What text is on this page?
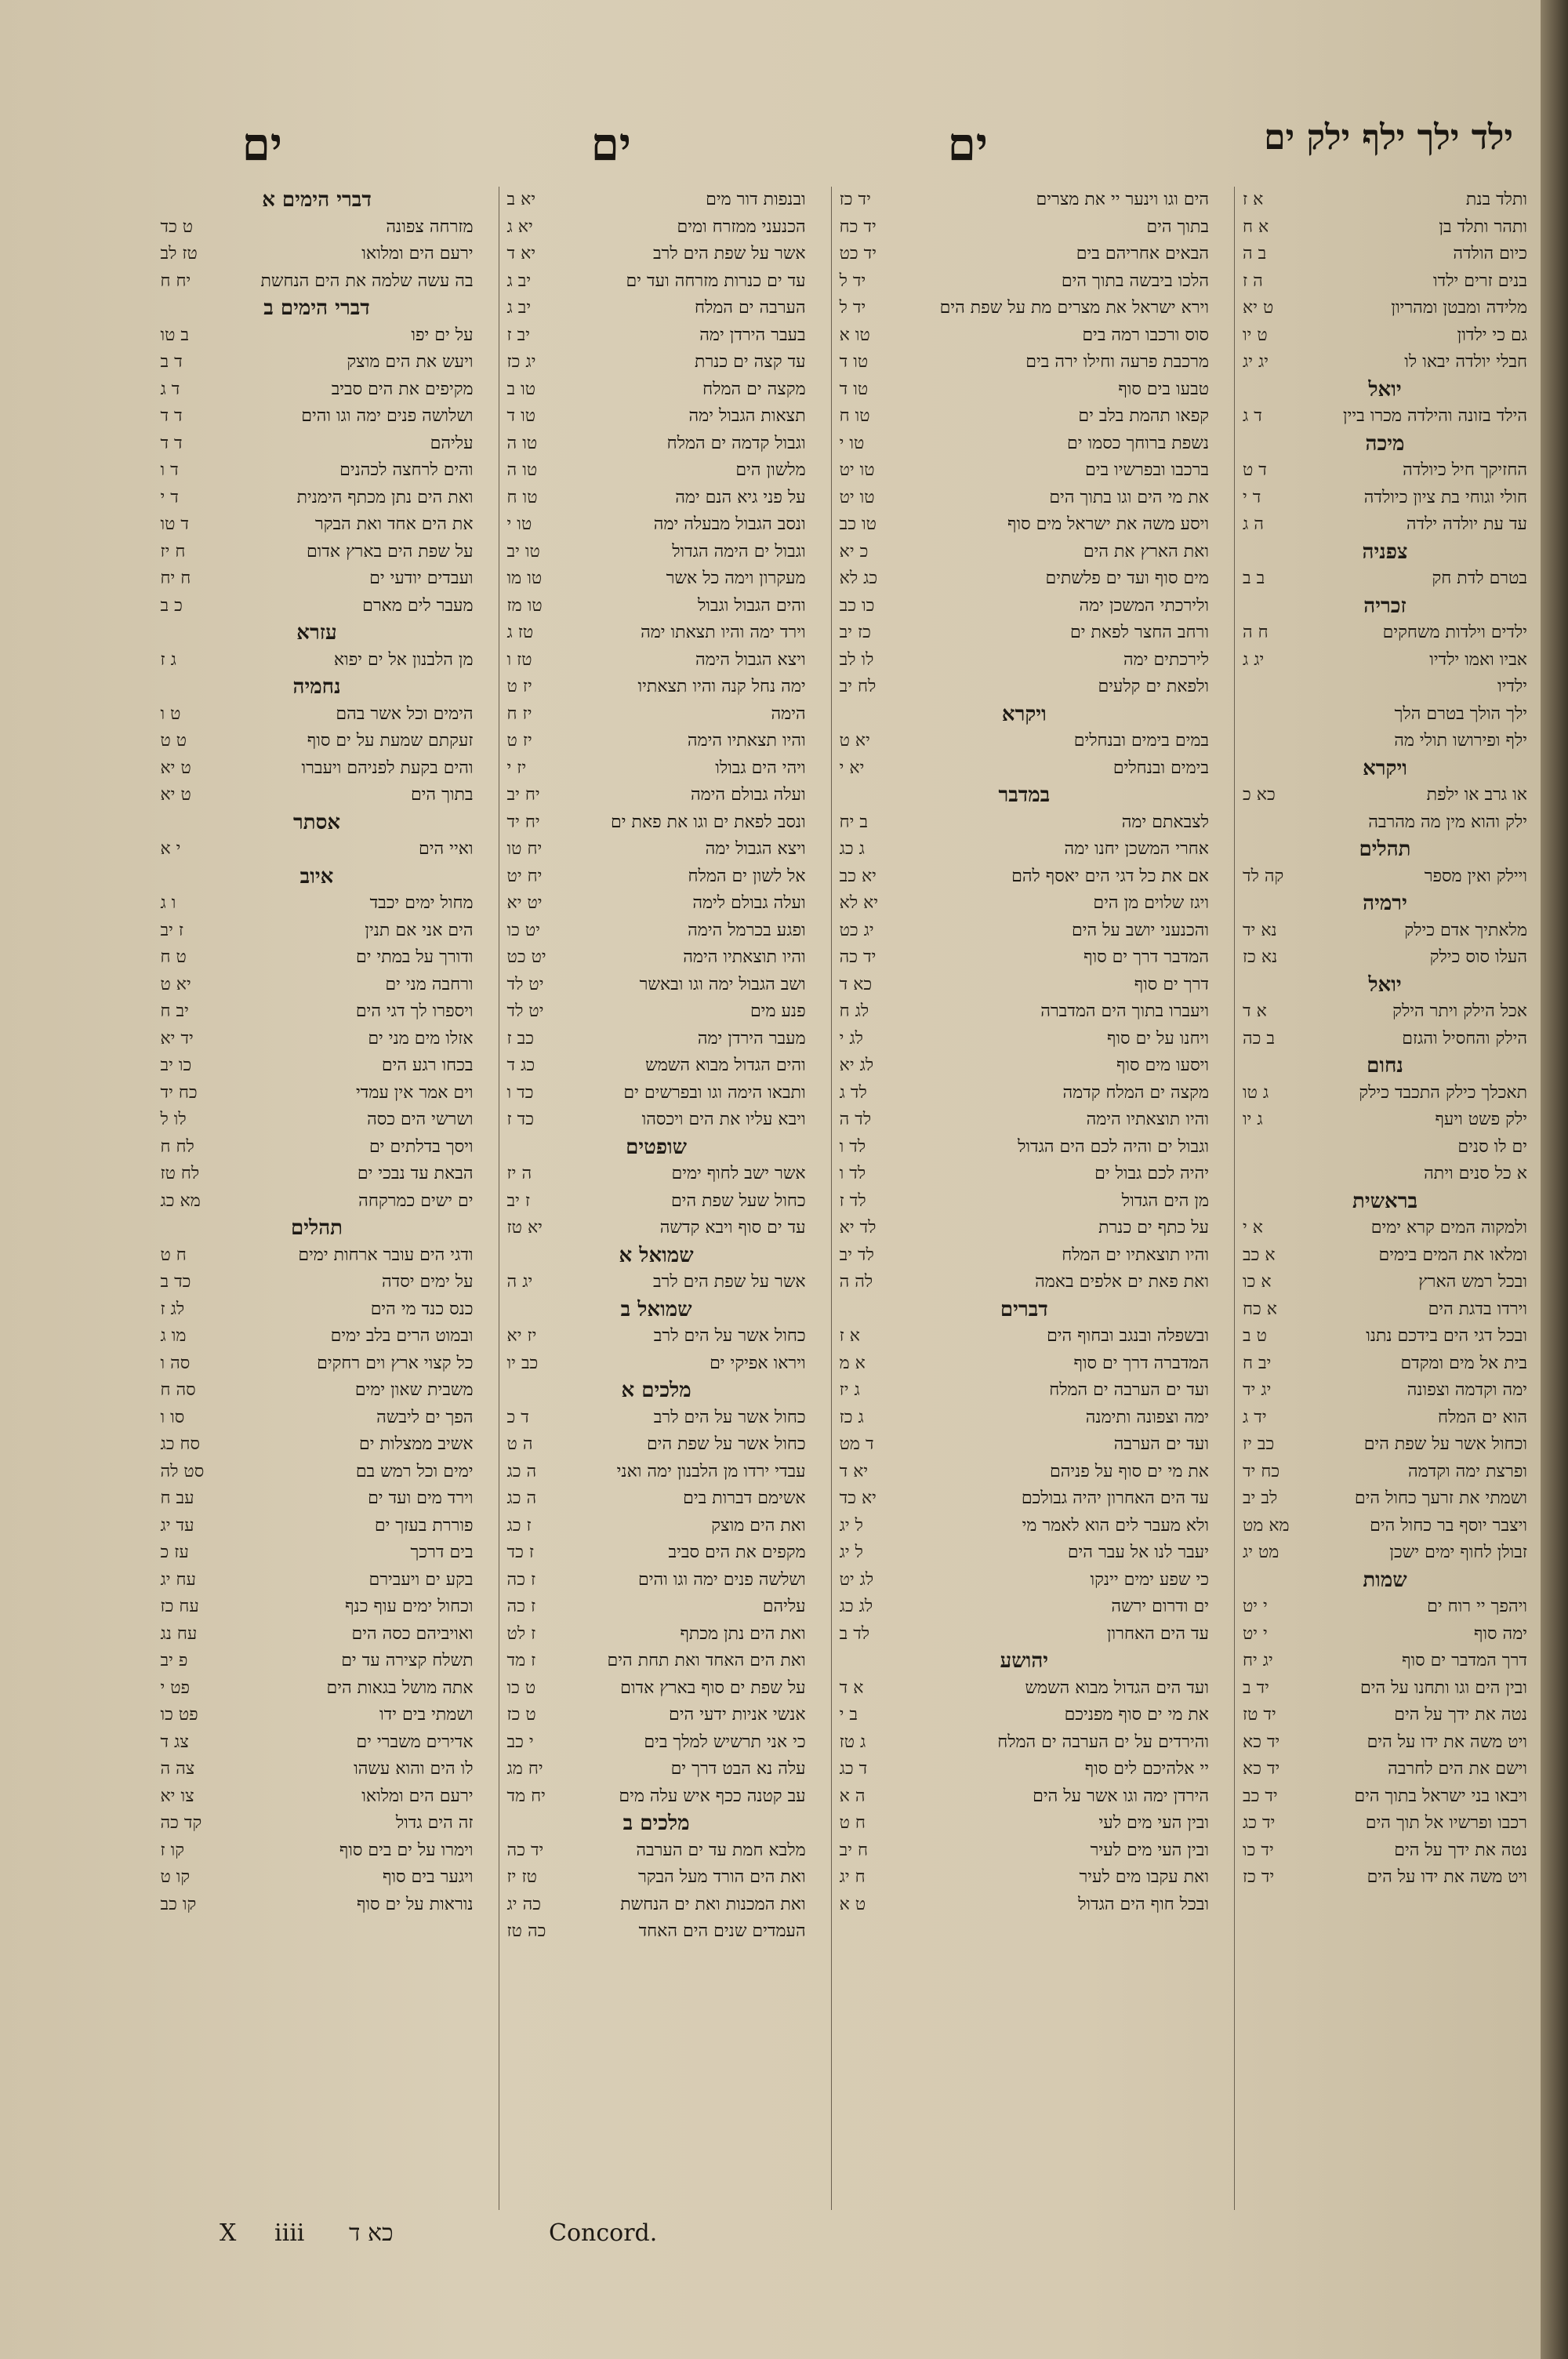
ילד ילך ילף ילק ים
ים
ים
ים
ותלד בנת
א ז
ותהר ותלד בן
א ח
כיום הולדה
ב ה
בנים זרים ילדו
ה ז
מלידה ומבטן ומהריון
ט יא
גם כי ילדון
ט יו
חבלי יולדה יבאו לו
יג יג
יואל
הילד בזונה והילדה מכרו ביין
ד ג
מיכה
החזיקך חיל כיולדה
ד ט
חולי וגוחי בת ציון כיולדה
ד י
עד עת יולדה ילדה
ה ג
צפניה
בטרם לדת חק
ב ב
זכריה
ילדים וילדות משחקים
ח ה
אביו ואמו ילדיו
יג ג
ילדיו
ילך הולך בטרם הלך
ילף ופירושו תולי מה
ויקרא
או גרב או ילפת
כא כ
ילק והוא מין מה מהרבה
תהלים
ויילק ואין מספר
קה לד
ירמיה
מלאתיך אדם כילק
נא יד
העלו סוס כילק
נא כז
יואל
אכל הילק ויתר הילק
א ד
הילק והחסיל והגזם
ב כה
נחום
תאכלך כילק התכבד כילק
ג טו
ילק פשט ויעף
ג יו
ים לו סנים
א כל סנים ויתה
בראשית
ולמקוה המים קרא ימים
א י
ומלאו את המים בימים
א כב
ובכל רמש הארץ
א כו
וירדו בדגת הים
א כח
ובכל דגי הים בידכם נתנו
ט ב
בית אל מים ומקדם
יב ח
ימה וקדמה וצפונה
יג יד
הוא ים המלח
יד ג
וכחול אשר על שפת הים
כב יז
ופרצת ימה וקדמה
כח יד
ושמתי את זרעך כחול הים
לב יב
ויצבר יוסף בר כחול הים
מא מט
זבולן לחוף ימים ישכן
מט יג
שמות
ויהפך יי רוח ים
י יט
ימה סוף
י יט
דרך המדבר ים סוף
יג יח
ובין הים וגו ותחנו על הים
יד ב
נטה את ידך על הים
יד טז
ויט משה את ידו על הים
יד כא
וישם את הים לחרבה
יד כא
ויבאו בני ישראל בתוך הים
יד כב
רכבו ופרשיו אל תוך הים
יד כג
נטה את ידך על הים
יד כו
ויט משה את ידו על הים
יד כז
הים וגו וינער יי את מצרים
יד כז
בתוך הים
יד כח
הבאים אחריהם בים
יד כט
הלכו ביבשה בתוך הים
יד ל
וירא ישראל את מצרים מת על שפת הים
יד ל
סוס ורכבו רמה בים
טו א
מרכבת פרעה וחילו ירה בים
טו ד
טבעו בים סוף
טו ד
קפאו תהמת בלב ים
טו ח
נשפת ברוחך כסמו ים
טו י
ברכבו ובפרשיו בים
טו יט
את מי הים וגו בתוך הים
טו יט
ויסע משה את ישראל מים סוף
טו כב
ואת הארץ את הים
כ יא
מים סוף ועד ים פלשתים
כג לא
ולירכתי המשכן ימה
כו כב
ורחב החצר לפאת ים
כז יב
לירכתים ימה
לו לב
ולפאת ים קלעים
לח יב
ויקרא
במים בימים ובנחלים
יא ט
בימים ובנחלים
יא י
במדבר
לצבאתם ימה
ב יח
אחרי המשכן יחנו ימה
ג כג
אם את כל דגי הים יאסף להם
יא כב
ויגז שלוים מן הים
יא לא
והכנעני יושב על הים
יג כט
המדבר דרך ים סוף
יד כה
דרך ים סוף
כא ד
ויעברו בתוך הים המדברה
לג ח
ויחנו על ים סוף
לג י
ויסעו מים סוף
לג יא
מקצה ים המלח קדמה
לד ג
והיו תוצאתיו הימה
לד ה
וגבול ים והיה לכם הים הגדול
לד ו
יהיה לכם גבול ים
לד ו
מן הים הגדול
לד ז
על כתף ים כנרת
לד יא
והיו תוצאתיו ים המלח
לד יב
ואת פאת ים אלפים באמה
לה ה
דברים
ובשפלה ובנגב ובחוף הים
א ז
המדברה דרך ים סוף
א מ
ועד ים הערבה ים המלח
ג יז
ימה וצפונה ותימנה
ג כז
ועד ים הערבה
ד מט
את מי ים סוף על פניהם
יא ד
עד הים האחרון יהיה גבולכם
יא כד
ולא מעבר לים הוא לאמר מי
ל יג
יעבר לנו אל עבר הים
ל יג
כי שפע ימים יינקו
לג יט
ים ודרום ירשה
לג כג
עד הים האחרון
לד ב
יהושע
ועד הים הגדול מבוא השמש
א ד
את מי ים סוף מפניכם
ב י
והירדים על ים הערבה ים המלח
ג טז
יי אלהיכם לים סוף
ד כג
הירדן ימה וגו אשר על הים
ה א
ובין העי מים לעי
ח ט
ובין העי מים לעיר
ח יב
ואת עקבו מים לעיר
ח יג
ובכל חוף הים הגדול
ט א
ובנפות דור מים
יא ב
הכנעני ממזרח ומים
יא ג
אשר על שפת הים לרב
יא ד
עד ים כנרות מזרחה ועד ים
יב ג
הערבה ים המלח
יב ג
בעבר הירדן ימה
יב ז
עד קצה ים כנרת
יג כז
מקצה ים המלח
טו ב
תצאות הגבול ימה
טו ד
וגבול קדמה ים המלח
טו ה
מלשון הים
טו ה
על פני גיא הנם ימה
טו ח
ונסב הגבול מבעלה ימה
טו י
וגבול ים הימה הגדול
טו יב
מעקרון וימה כל אשר
טו מו
והים הגבול וגבול
טו מז
וירד ימה והיו תצאתו ימה
טז ג
ויצא הגבול הימה
טז ו
ימה נחל קנה והיו תצאתיו
יז ט
הימה
יז ח
והיו תצאתיו הימה
יז ט
ויהי הים גבולו
יז י
ועלה גבולם הימה
יח יב
ונסב לפאת ים וגו את פאת ים
יח יד
ויצא הגבול ימה
יח טו
אל לשון ים המלח
יח יט
ועלה גבולם לימה
יט יא
ופגע בכרמל הימה
יט כו
והיו תוצאתיו הימה
יט כט
ושב הגבול ימה וגו ובאשר
יט לד
פנע מים
יט לד
מעבר הירדן ימה
כב ז
והים הגדול מבוא השמש
כג ד
ותבאו הימה וגו ובפרשים ים
כד ו
ויבא עליו את הים ויכסהו
כד ז
שופטים
אשר ישב לחוף ימים
ה יז
כחול שעל שפת הים
ז יב
עד ים סוף ויבא קדשה
יא טז
שמואל א
אשר על שפת הים לרב
יג ה
שמואל ב
כחול אשר על הים לרב
יז יא
ויראו אפיקי ים
כב יו
מלכים א
כחול אשר על הים לרב
ד כ
כחול אשר על שפת הים
ה ט
עבדי ירדו מן הלבנון ימה ואני
ה כג
אשימם דברות בים
ה כג
ואת הים מוצק
ז כג
מקפים את הים סביב
ז כד
ושלשה פנים ימה וגו והים
ז כה
עליהם
ז כה
ואת הים נתן מכתף
ז לט
ואת הים האחד ואת תחת הים
ז מד
על שפת ים סוף בארץ אדום
ט כו
אנשי אניות ידעי הים
ט כז
כי אני תרשיש למלך בים
י כב
עלה נא הבט דרך ים
יח מג
עב קטנה ככף איש עלה מים
יח מד
מלכים ב
מלבא חמת עד ים הערבה
יד כה
ואת הים הורד מעל הבקר
טז יז
ואת המכנות ואת ים הנחשת
כה יג
העמדים שנים הים האחד
כה טז
דברי הימים א
מזרחה צפונה
ט כד
ירעם הים ומלואו
טז לב
בה עשה שלמה את הים הנחשת
יח ח
דברי הימים ב
על ים יפו
ב טו
ויעש את הים מוצק
ד ב
מקיפים את הים סביב
ד ג
ושלושה פנים ימה וגו והים
ד ד
עליהם
ד ד
והים לרחצה לכהנים
ד ו
ואת הים נתן מכתף הימנית
ד י
את הים אחד ואת הבקר
ד טו
על שפת הים בארץ אדום
ח יז
ועבדים יודעי ים
ח יח
מעבר לים מארם
כ ב
עזרא
מן הלבנון אל ים יפוא
ג ז
נחמיה
הימים וכל אשר בהם
ט ו
זעקתם שמעת על ים סוף
ט ט
והים בקעת לפניהם ויעברו
ט יא
בתוך הים
ט יא
אסתר
ואיי הים
י א
איוב
מחול ימים יכבד
ו ג
הים אני אם תנין
ז יב
ודורך על במתי ים
ט ח
ורחבה מני ים
יא ט
ויספרו לך דגי הים
יב ח
אזלו מים מני ים
יד יא
בכחו רגע הים
כו יב
וים אמר אין עמדי
כח יד
ושרשי הים כסה
לו ל
ויסך בדלתים ים
לח ח
הבאת עד נבכי ים
לח טז
ים ישים כמרקחה
מא כג
תהלים
ודגי הים עובר ארחות ימים
ח ט
על ימים יסדה
כד ב
כנס כנד מי הים
לג ז
ובמוט הרים בלב ימים
מו ג
כל קצוי ארץ וים רחקים
סה ו
משבית שאון ימים
סה ח
הפך ים ליבשה
סו ו
אשיב ממצלות ים
סח כג
ימים וכל רמש בם
סט לה
וירד מים ועד ים
עב ח
פוררת בעזך ים
עד יג
בים דרכך
עז כ
בקע ים ויעבירם
עח יג
וכחול ימים עוף כנף
עח כז
ואויביהם כסה הים
עח נג
תשלח קצירה עד ים
פ יב
אתה מושל בגאות הים
פט י
ושמתי בים ידו
פט כו
אדירים משברי ים
צג ד
לו הים והוא עשהו
צה ה
ירעם הים ומלואו
צו יא
זה הים גדול
קד כה
וימרו על ים בים סוף
קו ז
ויגער בים סוף
קו ט
נוראות על ים סוף
קו כב
X iiii כא ד	Concord.
